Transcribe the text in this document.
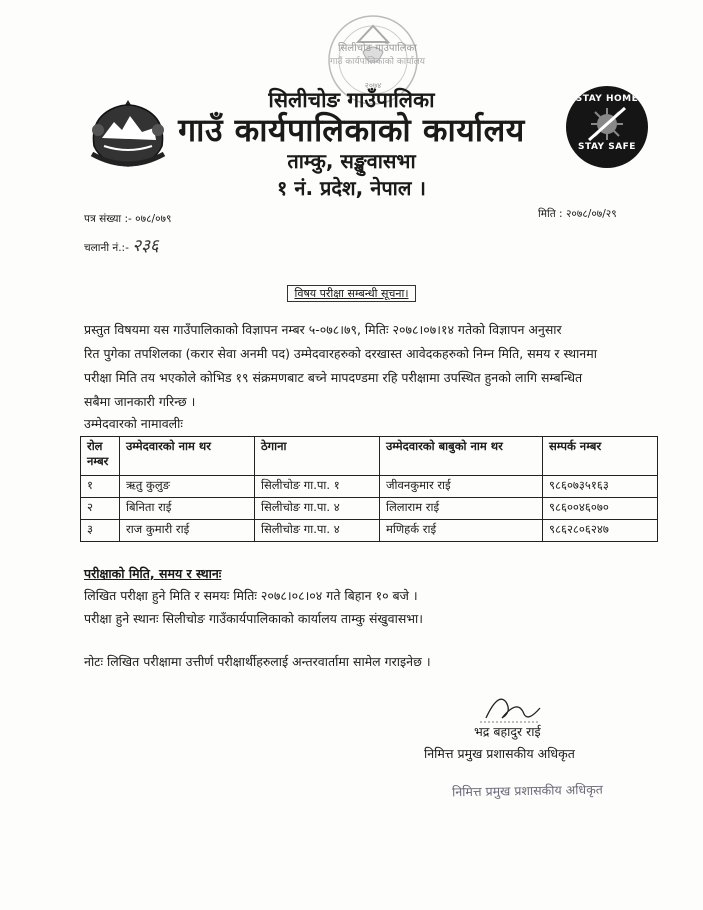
२०७४
सिलीचोङ गाउँपालिका
गाउँ कार्यपालिकाको कार्यालय
STAY HOME
STAY SAFE
सिलीचोङ गाउँपालिका
गाउँ कार्यपालिकाको कार्यालय
ताम्कु, सङ्खुवासभा
१ नं. प्रदेश, नेपाल ।
पत्र संख्या :- ०७८/०७९
चलानी नं.:- २३६
मिति : २०७८/०७/२९
विषय परीक्षा सम्बन्धी सूचना।
प्रस्तुत विषयमा यस गाउँपालिकाको विज्ञापन नम्बर ५-०७८।७९, मितिः २०७८।०७।१४ गतेको विज्ञापन अनुसार
रित पुगेका तपशिलका (करार सेवा अनमी पद) उम्मेदवारहरुको दरखास्त आवेदकहरुको निम्न मिति, समय र स्थानमा
परीक्षा मिति तय भएकोले कोभिड १९ संक्रमणबाट बच्ने मापदण्डमा रहि परीक्षामा उपस्थित हुनको लागि सम्बन्धित
सबैमा जानकारी गरिन्छ ।
उम्मेदवारको नामावलीः
रोल नम्बर	उम्मेदवारको नाम थर	ठेगाना	उम्मेदवारको बाबुको नाम थर	सम्पर्क नम्बर
१	ऋतु कुलुङ	सिलीचोङ गा.पा. १	जीवनकुमार राई	९८६०७३५१६३
२	बिनिता राई	सिलीचोङ गा.पा. ४	लिलाराम राई	९८६००४६०७०
३	राज कुमारी राई	सिलीचोङ गा.पा. ४	मणिहर्क राई	९८६२८०६२४७
परीक्षाको मिति, समय र स्थानः
लिखित परीक्षा हुने मिति र समयः मितिः २०७८।०८।०४ गते बिहान १० बजे ।
परीक्षा हुने स्थानः सिलीचोङ गाउँकार्यपालिकाको कार्यालय ताम्कु संखुवासभा।
नोटः लिखित परीक्षामा उत्तीर्ण परीक्षार्थीहरुलाई अन्तरवार्तामा सामेल गराइनेछ ।
भद्र बहादुर राई
निमित्त प्रमुख प्रशासकीय अधिकृत
निमित्त प्रमुख प्रशासकीय अधिकृत
